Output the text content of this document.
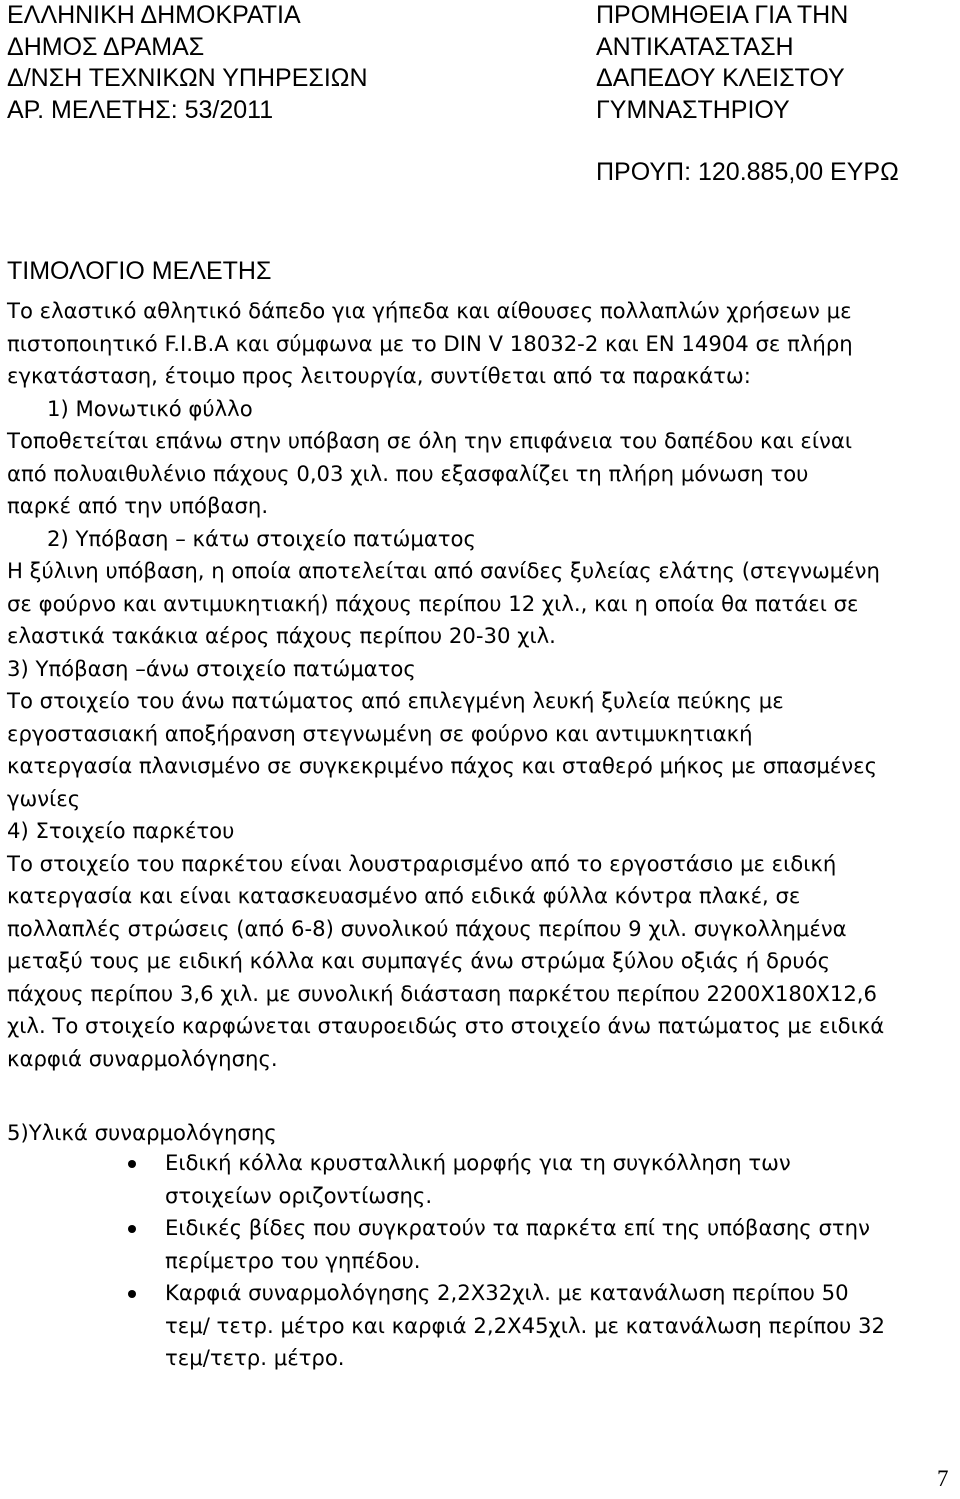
ΕΛΛΗΝΙΚΗ ΔΗΜΟΚΡΑΤΙΑ
ΔΗΜΟΣ ΔΡΑΜΑΣ
Δ/ΝΣΗ ΤΕΧΝΙΚΩΝ ΥΠΗΡΕΣΙΩΝ
ΑΡ. ΜΕΛΕΤΗΣ: 53/2011
ΠΡΟΜΗΘΕΙΑ ΓΙΑ ΤΗΝ
ΑΝΤΙΚΑΤΑΣΤΑΣΗ
ΔΑΠΕΔΟΥ ΚΛΕΙΣΤΟΥ
ΓΥΜΝΑΣΤΗΡΙΟΥ
ΠΡΟΥΠ: 120.885,00 ΕΥΡΩ
ΤΙΜΟΛΟΓΙΟ ΜΕΛΕΤΗΣ

Το ελαστικό αθλητικό δάπεδο για γήπεδα και αίθουσες πολλαπλών χρήσεων με

πιστοποιητικό F.I.B.A και σύμφωνα με το DIN V 18032-2 και EN 14904 σε πλήρη

εγκατάσταση, έτοιμο προς λειτουργία, συντίθεται από τα παρακάτω:

1) Μονωτικό φύλλο

Τοποθετείται επάνω στην υπόβαση σε όλη την επιφάνεια του δαπέδου και είναι

από πολυαιθυλένιο πάχους 0,03 χιλ. που εξασφαλίζει τη πλήρη μόνωση του

παρκέ από την υπόβαση.

2) Υπόβαση – κάτω στοιχείο πατώματος

Η ξύλινη υπόβαση, η οποία αποτελείται από σανίδες ξυλείας ελάτης (στεγνωμένη

σε φούρνο και αντιμυκητιακή) πάχους περίπου 12 χιλ., και η οποία θα πατάει σε

ελαστικά τακάκια αέρος πάχους περίπου 20-30 χιλ.

3) Υπόβαση –άνω στοιχείο πατώματος

Το στοιχείο του άνω πατώματος από επιλεγμένη λευκή ξυλεία πεύκης με

εργοστασιακή αποξήρανση στεγνωμένη σε φούρνο και αντιμυκητιακή

κατεργασία πλανισμένο σε συγκεκριμένο πάχος και σταθερό μήκος με σπασμένες

γωνίες

4) Στοιχείο παρκέτου

Το στοιχείο του παρκέτου είναι λουστραρισμένο από το εργοστάσιο με ειδική

κατεργασία και είναι κατασκευασμένο από ειδικά φύλλα κόντρα πλακέ, σε

πολλαπλές στρώσεις (από 6-8) συνολικού πάχους περίπου 9 χιλ. συγκολλημένα

μεταξύ τους με ειδική κόλλα και συμπαγές άνω στρώμα ξύλου οξιάς ή δρυός

πάχους περίπου 3,6 χιλ. με συνολική διάσταση παρκέτου περίπου 2200Χ180Χ12,6

χιλ. Το στοιχείο καρφώνεται σταυροειδώς στο στοιχείο άνω πατώματος με ειδικά

καρφιά συναρμολόγησης.

5)Υλικά συναρμολόγησης
Ειδική κόλλα κρυσταλλική μορφής για τη συγκόλληση των
στοιχείων οριζοντίωσης.
Ειδικές βίδες που συγκρατούν τα παρκέτα επί της υπόβασης στην
περίμετρο του γηπέδου.
Καρφιά συναρμολόγησης 2,2Χ32χιλ. με κατανάλωση περίπου 50
τεμ/ τετρ. μέτρο και καρφιά 2,2Χ45χιλ. με κατανάλωση περίπου 32
τεμ/τετρ. μέτρο.
7
